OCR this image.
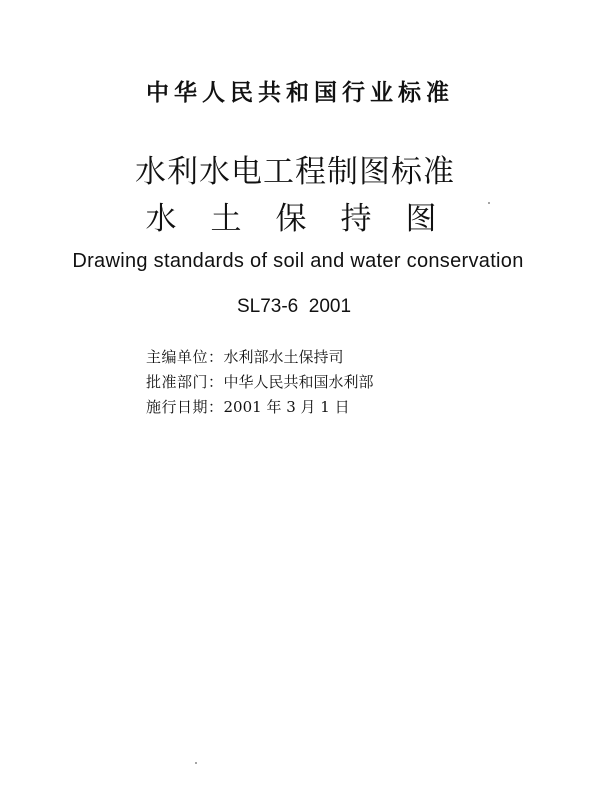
中华人民共和国行业标准
水利水电工程制图标准
水土保持图
Drawing standards of soil and water conservation
SL73-6  2001
主编单位：水利部水土保持司
批准部门：中华人民共和国水利部
施行日期：2001 年 3 月 1 日
